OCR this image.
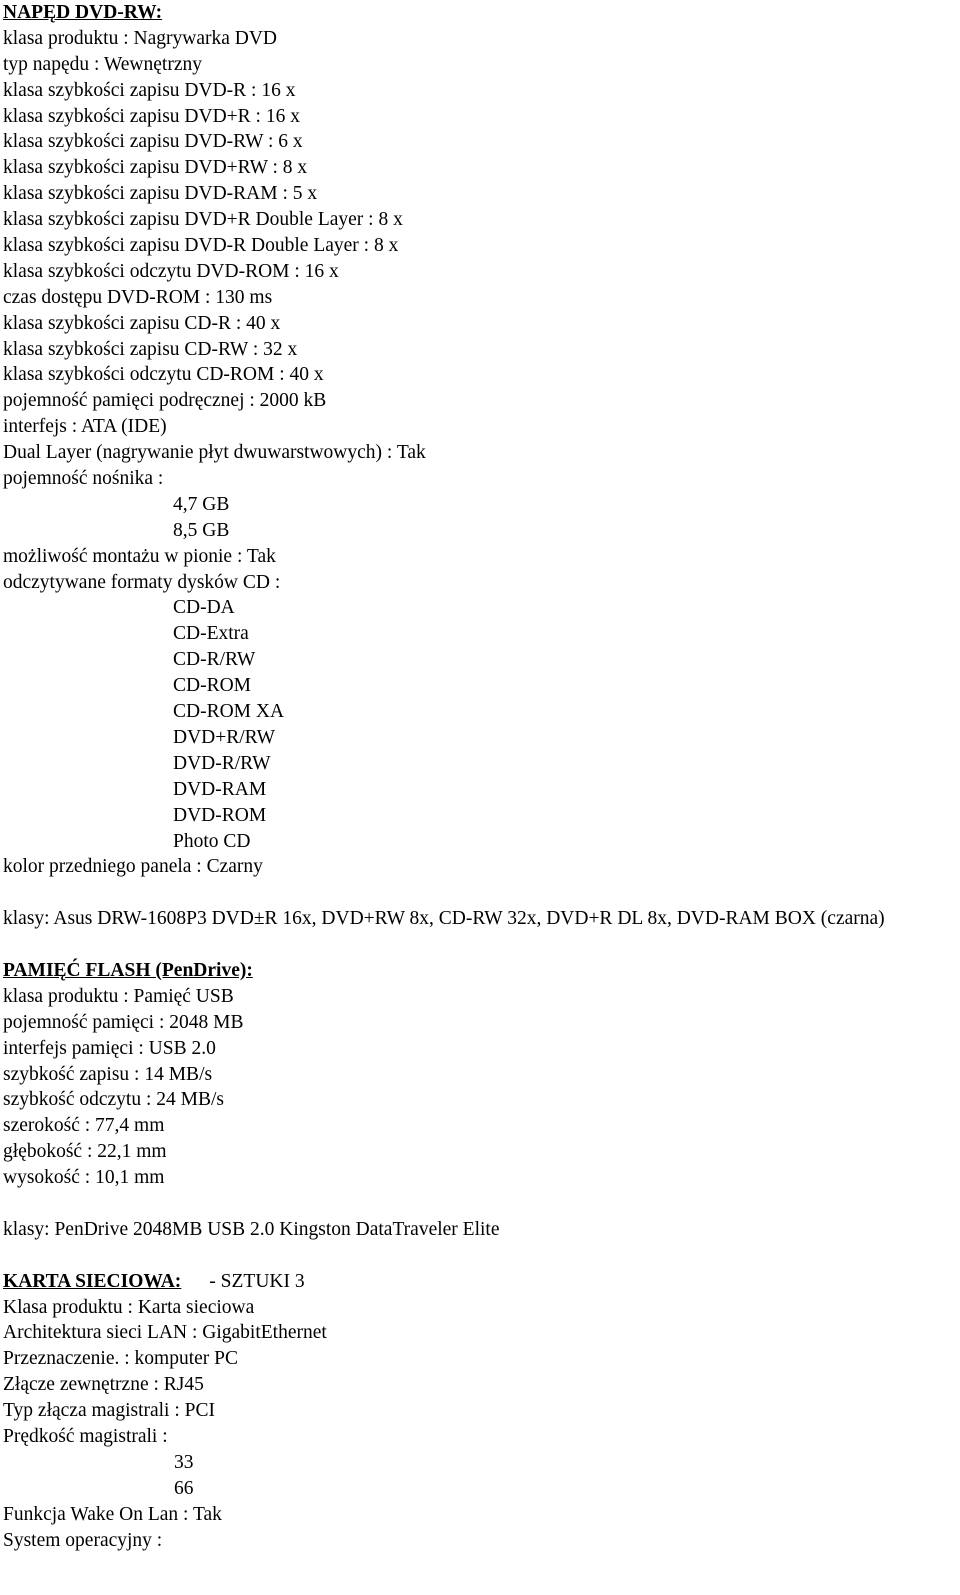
NAPĘD DVD-RW:
klasa produktu : Nagrywarka DVD
typ napędu : Wewnętrzny
klasa szybkości zapisu DVD-R : 16 x
klasa szybkości zapisu DVD+R : 16 x
klasa szybkości zapisu DVD-RW : 6 x
klasa szybkości zapisu DVD+RW : 8 x
klasa szybkości zapisu DVD-RAM : 5 x
klasa szybkości zapisu DVD+R Double Layer : 8 x
klasa szybkości zapisu DVD-R Double Layer : 8 x
klasa szybkości odczytu DVD-ROM : 16 x
czas dostępu DVD-ROM : 130 ms
klasa szybkości zapisu CD-R : 40 x
klasa szybkości zapisu CD-RW : 32 x
klasa szybkości odczytu CD-ROM : 40 x
pojemność pamięci podręcznej : 2000 kB
interfejs : ATA (IDE)
Dual Layer (nagrywanie płyt dwuwarstwowych) : Tak
pojemność nośnika :
4,7 GB
8,5 GB
możliwość montażu w pionie : Tak
odczytywane formaty dysków CD :
CD-DA
CD-Extra
CD-R/RW
CD-ROM
CD-ROM XA
DVD+R/RW
DVD-R/RW
DVD-RAM
DVD-ROM
Photo CD
kolor przedniego panela : Czarny
klasy: Asus DRW-1608P3 DVD±R 16x, DVD+RW 8x, CD-RW 32x, DVD+R DL 8x, DVD-RAM BOX (czarna)
PAMIĘĆ FLASH (PenDrive):
klasa produktu : Pamięć USB
pojemność pamięci : 2048 MB
interfejs pamięci : USB 2.0
szybkość zapisu : 14 MB/s
szybkość odczytu : 24 MB/s
szerokość : 77,4 mm
głębokość : 22,1 mm
wysokość : 10,1 mm
klasy: PenDrive 2048MB USB 2.0 Kingston DataTraveler Elite
KARTA SIECIOWA: - SZTUKI 3
Klasa produktu : Karta sieciowa
Architektura sieci LAN : GigabitEthernet
Przeznaczenie. : komputer PC
Złącze zewnętrzne : RJ45
Typ złącza magistrali : PCI
Prędkość magistrali :
33
66
Funkcja Wake On Lan : Tak
System operacyjny :
